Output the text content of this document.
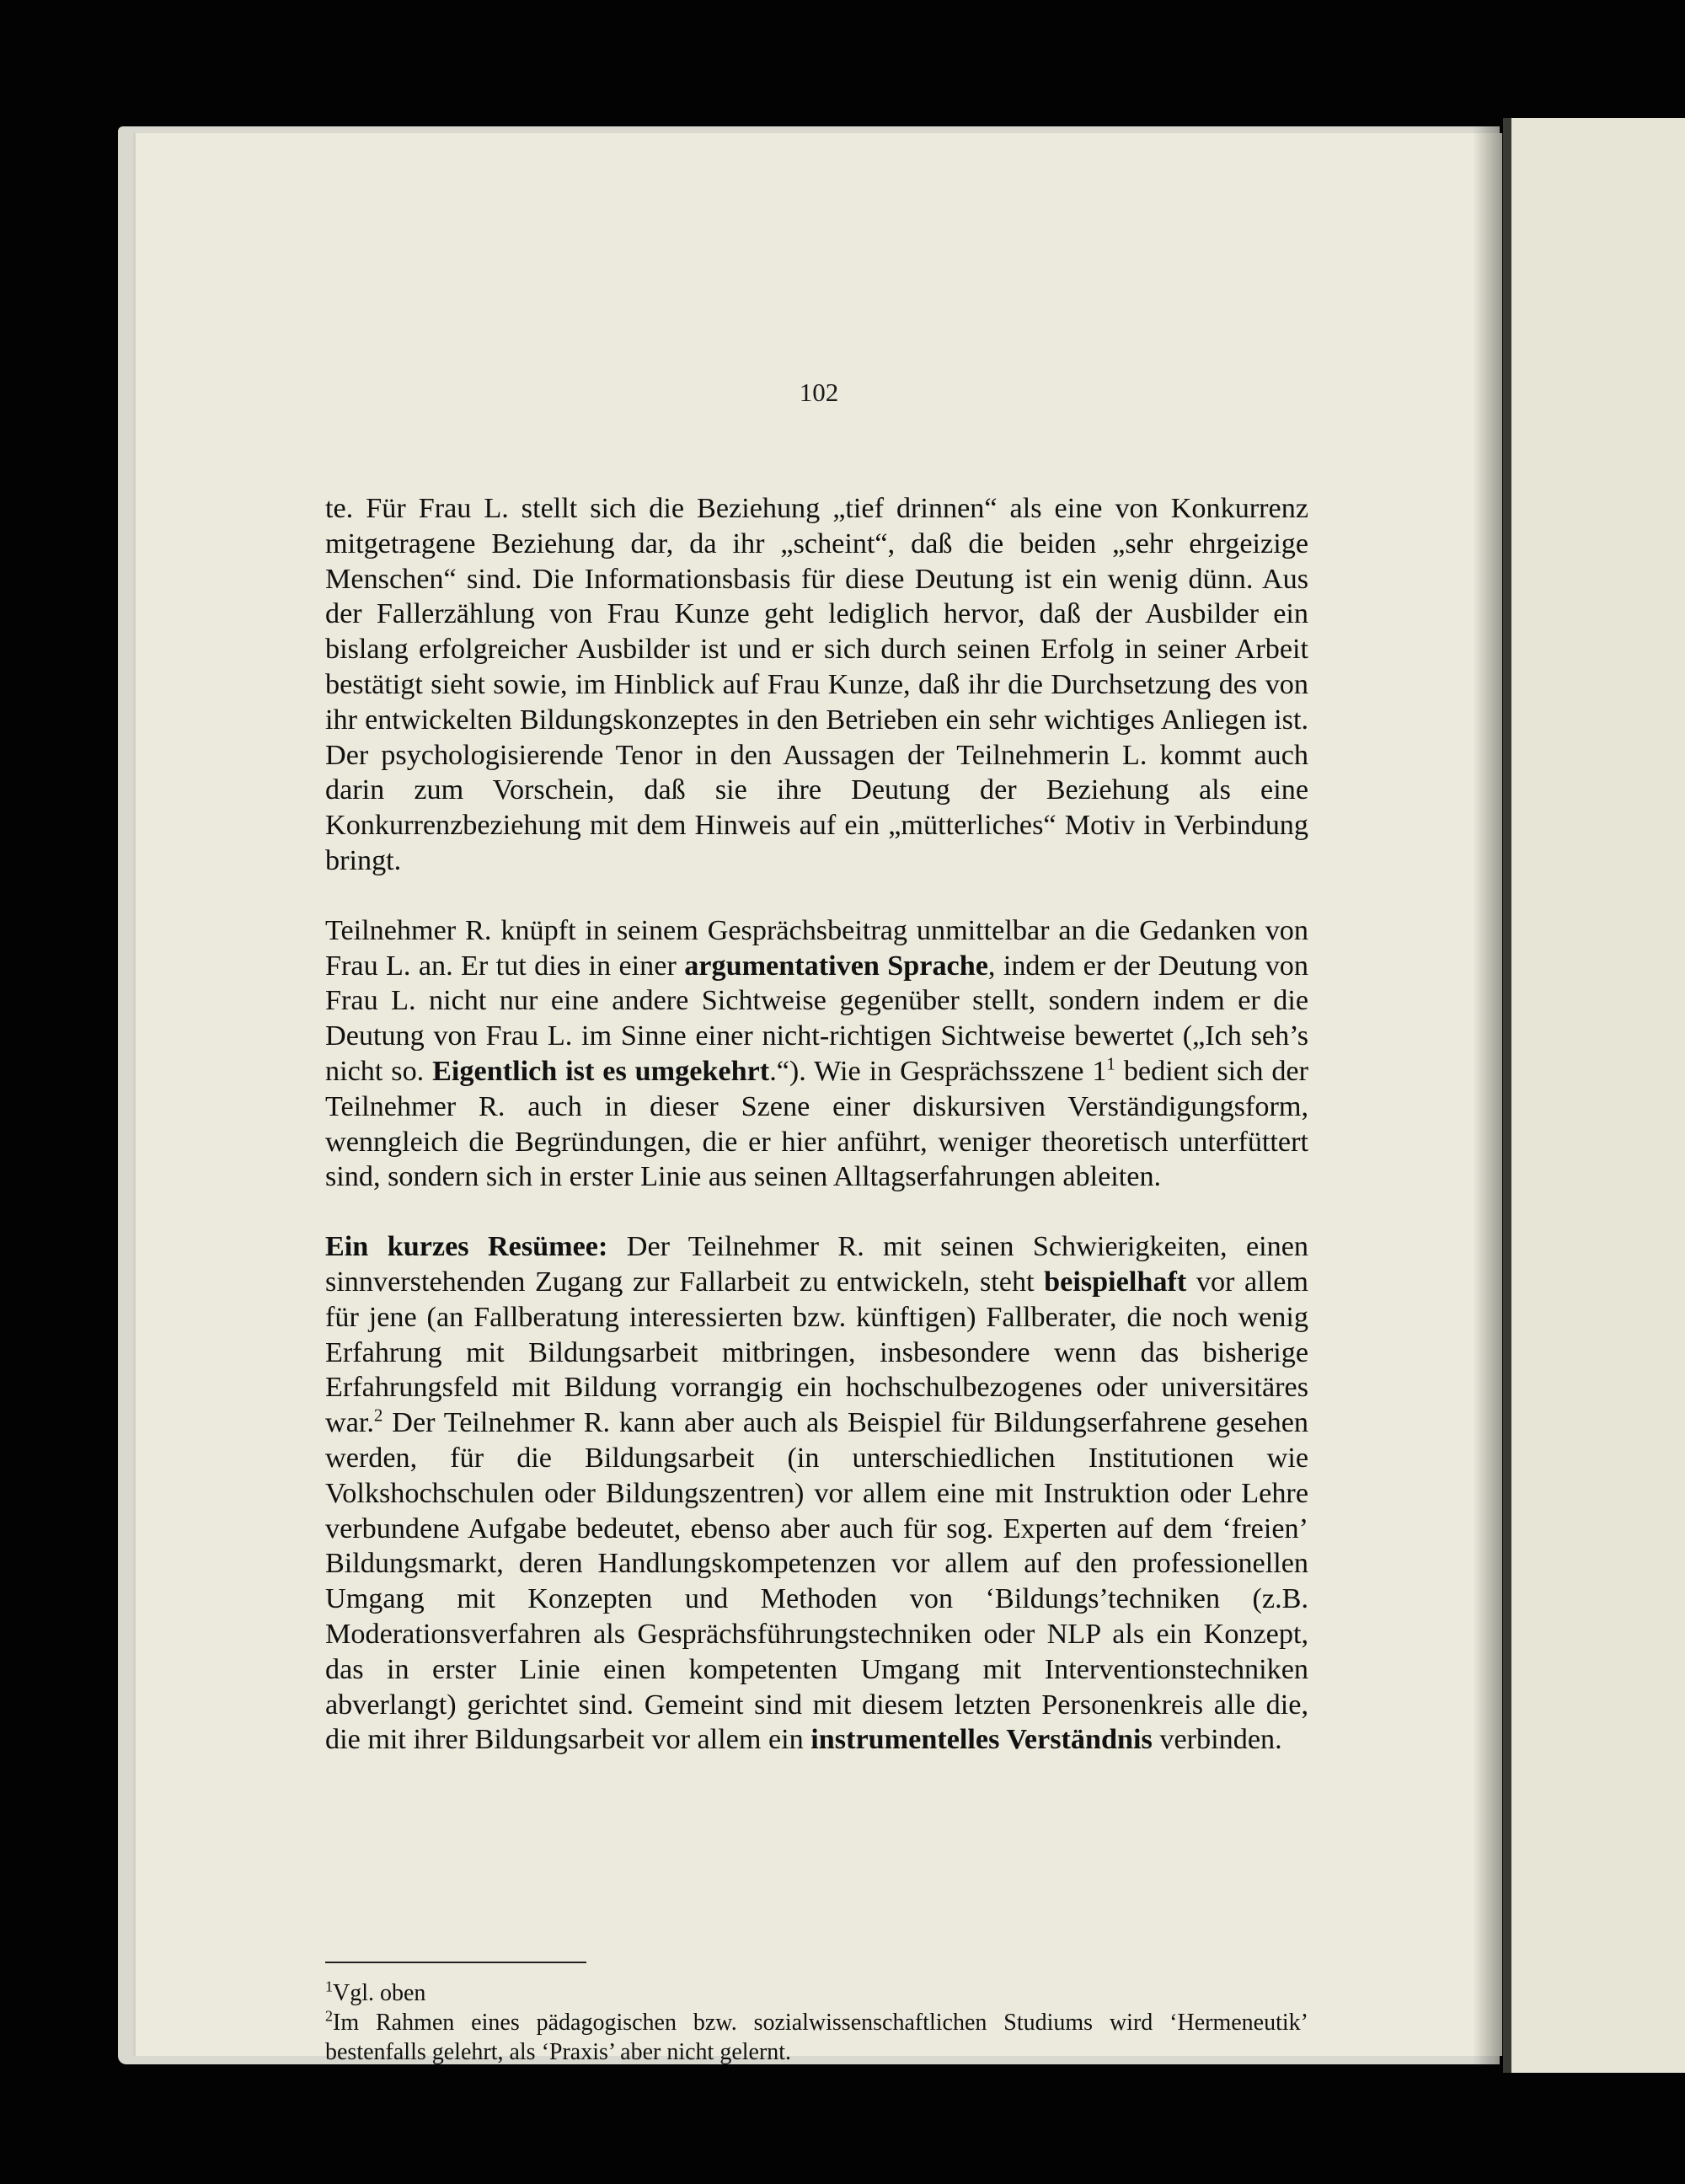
102

te. Für Frau L. stellt sich die Beziehung „tief drinnen“ als eine von Konkurrenz mitgetragene Beziehung dar, da ihr „scheint“, daß die beiden „sehr ehrgeizige Menschen“ sind. Die Informationsbasis für diese Deutung ist ein wenig dünn. Aus der Fallerzählung von Frau Kunze geht lediglich hervor, daß der Ausbilder ein bislang erfolgreicher Ausbilder ist und er sich durch seinen Erfolg in seiner Arbeit bestätigt sieht sowie, im Hinblick auf Frau Kunze, daß ihr die Durchsetzung des von ihr entwickelten Bildungskonzeptes in den Betrieben ein sehr wichtiges Anliegen ist. Der psychologisierende Tenor in den Aussagen der Teilnehmerin L. kommt auch darin zum Vorschein, daß sie ihre Deutung der Beziehung als eine Konkurrenzbeziehung mit dem Hinweis auf ein „mütterliches“ Motiv in Verbindung bringt.

Teilnehmer R. knüpft in seinem Gesprächsbeitrag unmittelbar an die Gedanken von Frau L. an. Er tut dies in einer argumentativen Sprache, indem er der Deutung von Frau L. nicht nur eine andere Sichtweise gegenüber stellt, sondern indem er die Deutung von Frau L. im Sinne einer nicht-richtigen Sichtweise bewertet („Ich seh’s nicht so. Eigentlich ist es umgekehrt.“). Wie in Gesprächsszene 1$^1$ bedient sich der Teilnehmer R. auch in dieser Szene einer diskursiven Verständigungsform, wenngleich die Begründungen, die er hier anführt, weniger theoretisch unterfüttert sind, sondern sich in erster Linie aus seinen Alltagserfahrungen ableiten.

Ein kurzes Resümee: Der Teilnehmer R. mit seinen Schwierigkeiten, einen sinnverstehenden Zugang zur Fallarbeit zu entwickeln, steht beispielhaft vor allem für jene (an Fallberatung interessierten bzw. künftigen) Fallberater, die noch wenig Erfahrung mit Bildungsarbeit mitbringen, insbesondere wenn das bisherige Erfahrungsfeld mit Bildung vorrangig ein hochschulbezogenes oder universitäres war.$^2$ Der Teilnehmer R. kann aber auch als Beispiel für Bildungserfahrene gesehen werden, für die Bildungsarbeit (in unterschiedlichen Institutionen wie Volkshochschulen oder Bildungszentren) vor allem eine mit Instruktion oder Lehre verbundene Aufgabe bedeutet, ebenso aber auch für sog. Experten auf dem ‘freien’ Bildungsmarkt, deren Handlungskompetenzen vor allem auf den professionellen Umgang mit Konzepten und Methoden von ‘Bildungs’techniken (z.B. Moderationsverfahren als Gesprächsführungstechniken oder NLP als ein Konzept, das in erster Linie einen kompetenten Umgang mit Interventionstechniken abverlangt) gerichtet sind. Gemeint sind mit diesem letzten Personenkreis alle die, die mit ihrer Bildungsarbeit vor allem ein instrumentelles Verständnis verbinden.

$^1$Vgl. oben
$^2$Im Rahmen eines pädagogischen bzw. sozialwissenschaftlichen Studiums wird ‘Hermeneutik’ bestenfalls gelehrt, als ‘Praxis’ aber nicht gelernt.
